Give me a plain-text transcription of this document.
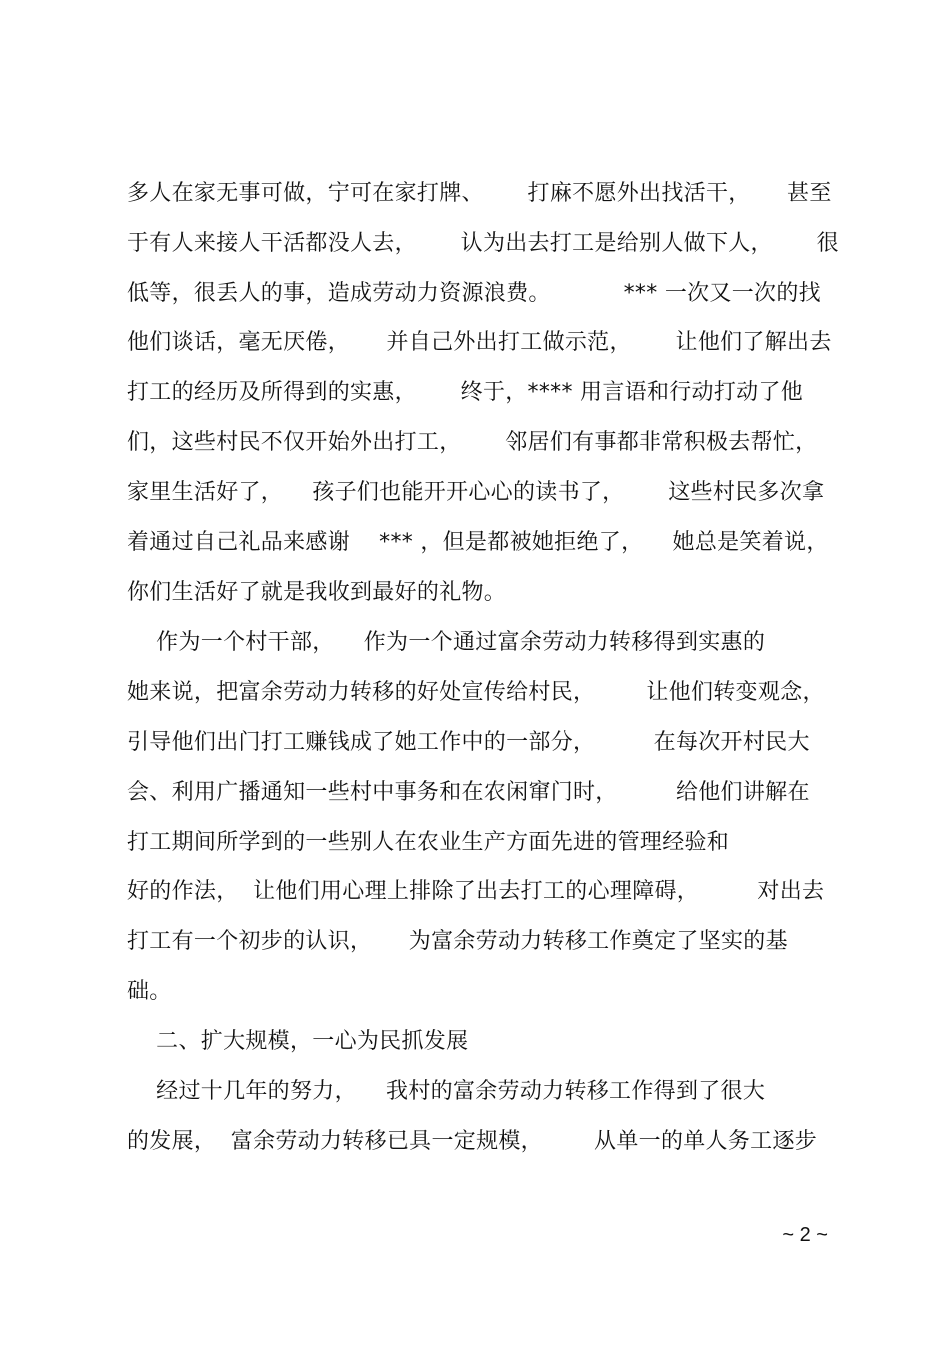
多人在家无事可做，宁可在家打牌、      打麻不愿外出找活干，     甚至
于有人来接人干活都没人去，      认为出去打工是给别人做下人，      很
低等，很丢人的事，造成劳动力资源浪费。          *** 一次又一次的找
他们谈话，毫无厌倦，     并自己外出打工做示范，      让他们了解出去
打工的经历及所得到的实惠，      终于，**** 用言语和行动打动了他
们，这些村民不仅开始外出打工，      邻居们有事都非常积极去帮忙，
家里生活好了，    孩子们也能开开心心的读书了，      这些村民多次拿
着通过自己礼品来感谢    *** ，但是都被她拒绝了，    她总是笑着说，
你们生活好了就是我收到最好的礼物。
作为一个村干部，    作为一个通过富余劳动力转移得到实惠的
她来说，把富余劳动力转移的好处宣传给村民，       让他们转变观念，
引导他们出门打工赚钱成了她工作中的一部分，        在每次开村民大
会、利用广播通知一些村中事务和在农闲窜门时，        给他们讲解在
打工期间所学到的一些别人在农业生产方面先进的管理经验和
好的作法，  让他们用心理上排除了出去打工的心理障碍，        对出去
打工有一个初步的认识，     为富余劳动力转移工作奠定了坚实的基
础。
二、扩大规模，一心为民抓发展
经过十几年的努力，    我村的富余劳动力转移工作得到了很大
的发展，  富余劳动力转移已具一定规模，       从单一的单人务工逐步
~ 2 ~
